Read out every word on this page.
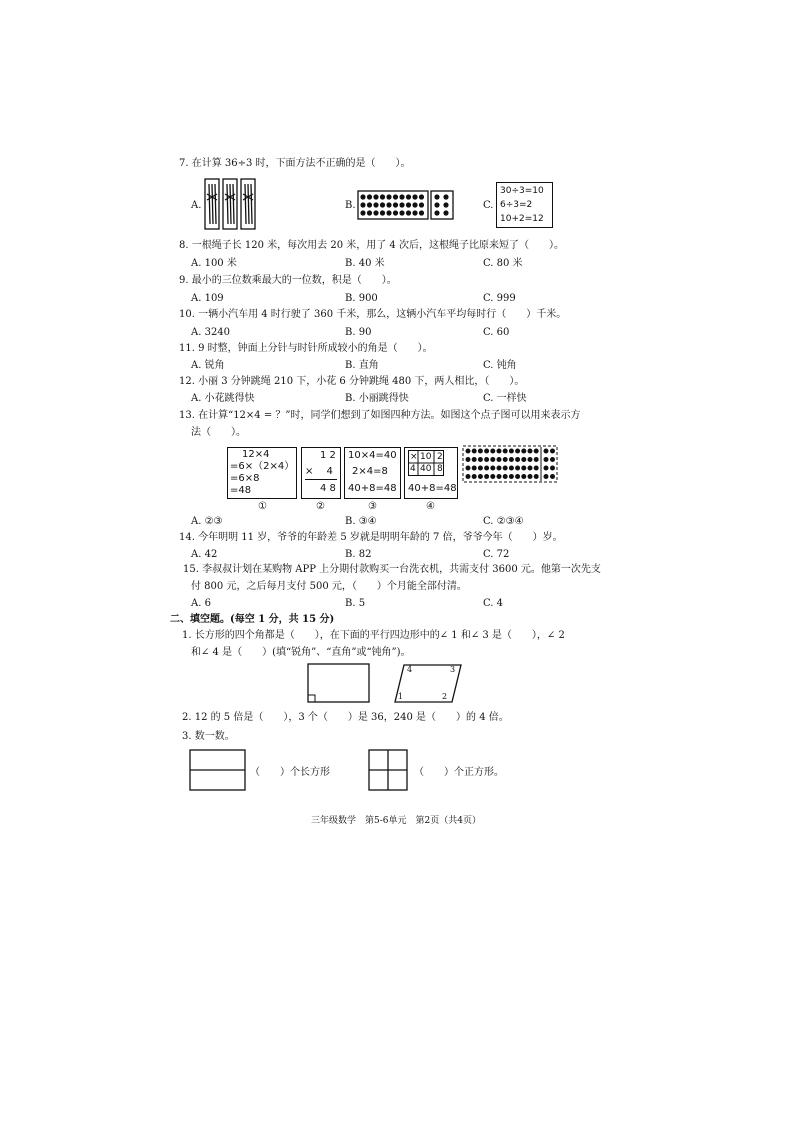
7. 在计算 36÷3 时，下面方法不正确的是（　　）。
A.	B.	C.
30÷3=10
6÷3=2
10+2=12
8. 一根绳子长 120 米，每次用去 20 米，用了 4 次后，这根绳子比原来短了（　　）。
A. 100 米	B. 40 米	C. 80 米
9. 最小的三位数乘最大的一位数，积是（　　）。
A. 109	B. 900	C. 999
10. 一辆小汽车用 4 时行驶了 360 千米，那么，这辆小汽车平均每时行（　　）千米。
A. 3240	B. 90	C. 60
11. 9 时整，钟面上分针与时针所成较小的角是（　　）。
A. 锐角	B. 直角	C. 钝角
12. 小丽 3 分钟跳绳 210 下，小花 6 分钟跳绳 480 下，两人相比，（　　）。
A. 小花跳得快	B. 小丽跳得快	C. 一样快
13. 在计算“12×4 = ？”时，同学们想到了如图四种方法。如图这个点子图可以用来表示方
法（　　）。
12×4
=6×（2×4）
=6×8
=48
1 2
×　 4
4 8
10×4=40
2×4=8
40+8=48
× 10 2
4 40 8
40+8=48
①	②	③	④
A. ②③	B. ③④	C. ②③④
14. 今年明明 11 岁，爷爷的年龄差 5 岁就是明明年龄的 7 倍，爷爷今年（　　）岁。
A. 42	B. 82	C. 72
15. 李叔叔计划在某购物 APP 上分期付款购买一台洗衣机，共需支付 3600 元。他第一次先支
付 800 元，之后每月支付 500 元，（　　）个月能全部付清。
A. 6	B. 5	C. 4
二、填空题。(每空 1 分，共 15 分)
1. 长方形的四个角都是（　　），在下面的平行四边形中的∠ 1 和∠ 3 是（　　），∠ 2
和∠ 4 是（　　）(填“锐角”、“直角”或“钝角”)。
4	3
1	2
2. 12 的 5 倍是（　　），3 个（　　）是 36，240 是（　　）的 4 倍。
3. 数一数。
（　　）个长方形	（　　）个正方形。
三年级数学　第5-6单元　第2页（共4页）
